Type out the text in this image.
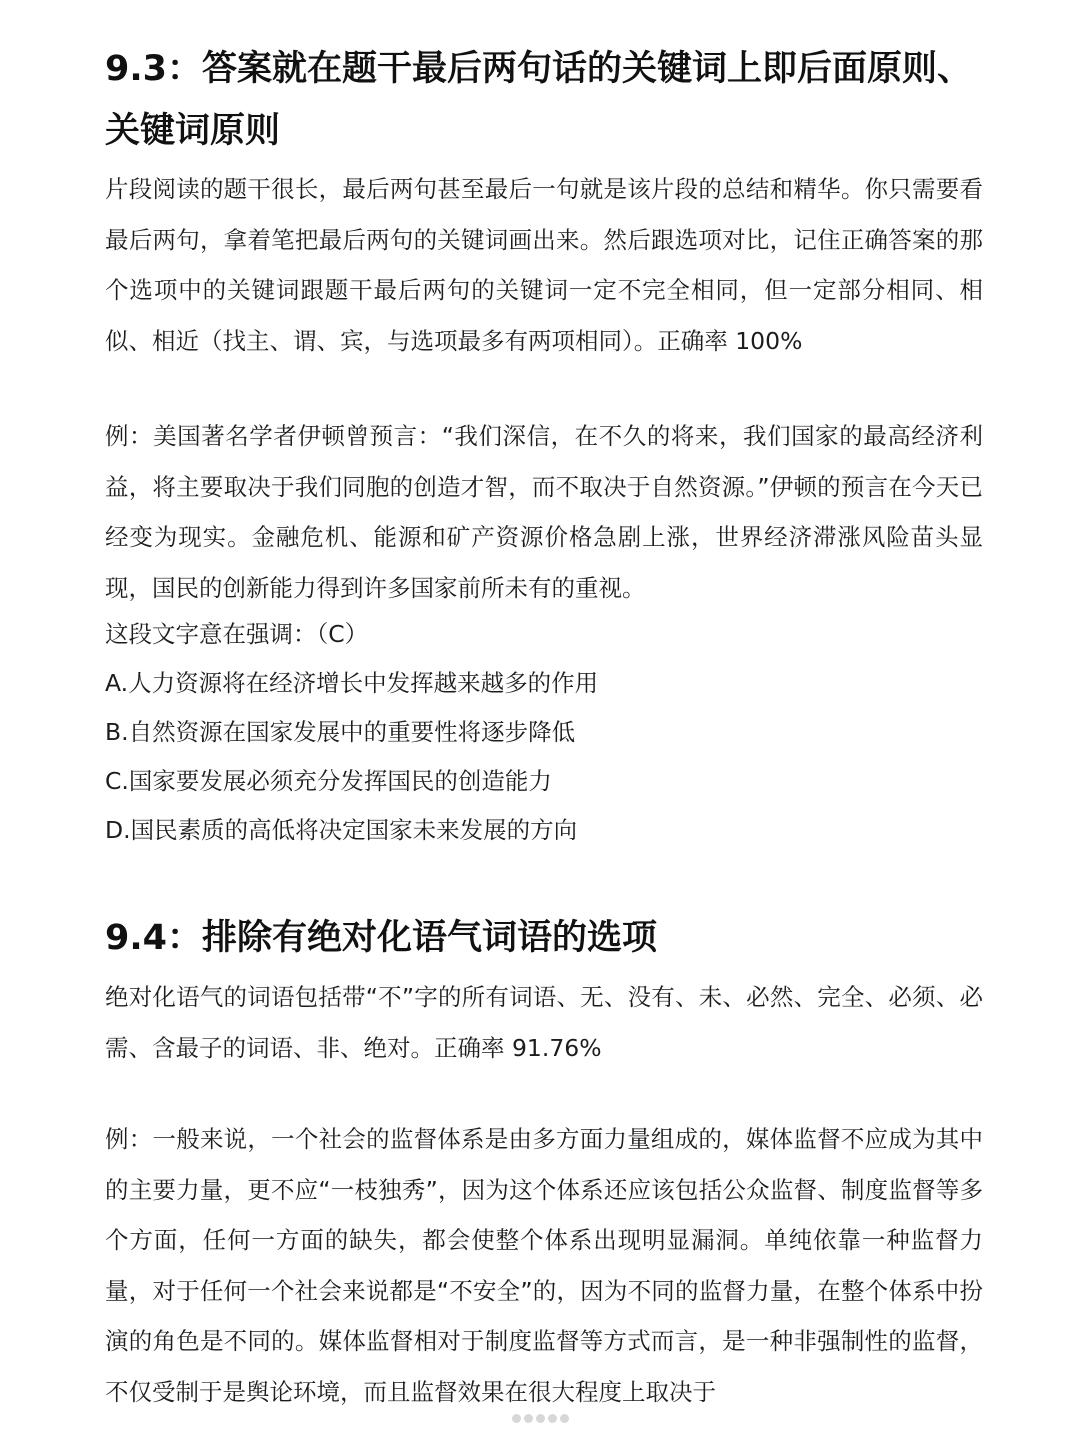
9.3：答案就在题干最后两句话的关键词上即后面原则、关键词原则

片段阅读的题干很长，最后两句甚至最后一句就是该片段的总结和精华。你只需要看最后两句，拿着笔把最后两句的关键词画出来。然后跟选项对比，记住正确答案的那个选项中的关键词跟题干最后两句的关键词一定不完全相同，但一定部分相同、相似、相近（找主、谓、宾，与选项最多有两项相同）。正确率 100%

例：美国著名学者伊顿曾预言：“我们深信，在不久的将来，我们国家的最高经济利益，将主要取决于我们同胞的创造才智，而不取决于自然资源。”伊顿的预言在今天已经变为现实。金融危机、能源和矿产资源价格急剧上涨，世界经济滞涨风险苗头显现，国民的创新能力得到许多国家前所未有的重视。

这段文字意在强调：（C）
A.人力资源将在经济增长中发挥越来越多的作用
B.自然资源在国家发展中的重要性将逐步降低
C.国家要发展必须充分发挥国民的创造能力
D.国民素质的高低将决定国家未来发展的方向
9.4：排除有绝对化语气词语的选项

绝对化语气的词语包括带“不”字的所有词语、无、没有、未、必然、完全、必须、必需、含最子的词语、非、绝对。正确率 91.76%

例：一般来说，一个社会的监督体系是由多方面力量组成的，媒体监督不应成为其中的主要力量，更不应“一枝独秀”，因为这个体系还应该包括公众监督、制度监督等多个方面，任何一方面的缺失，都会使整个体系出现明显漏洞。单纯依靠一种监督力量，对于任何一个社会来说都是“不安全”的，因为不同的监督力量，在整个体系中扮演的角色是不同的。媒体监督相对于制度监督等方式而言，是一种非强制性的监督，不仅受制于是舆论环境，而且监督效果在很大程度上取决于
